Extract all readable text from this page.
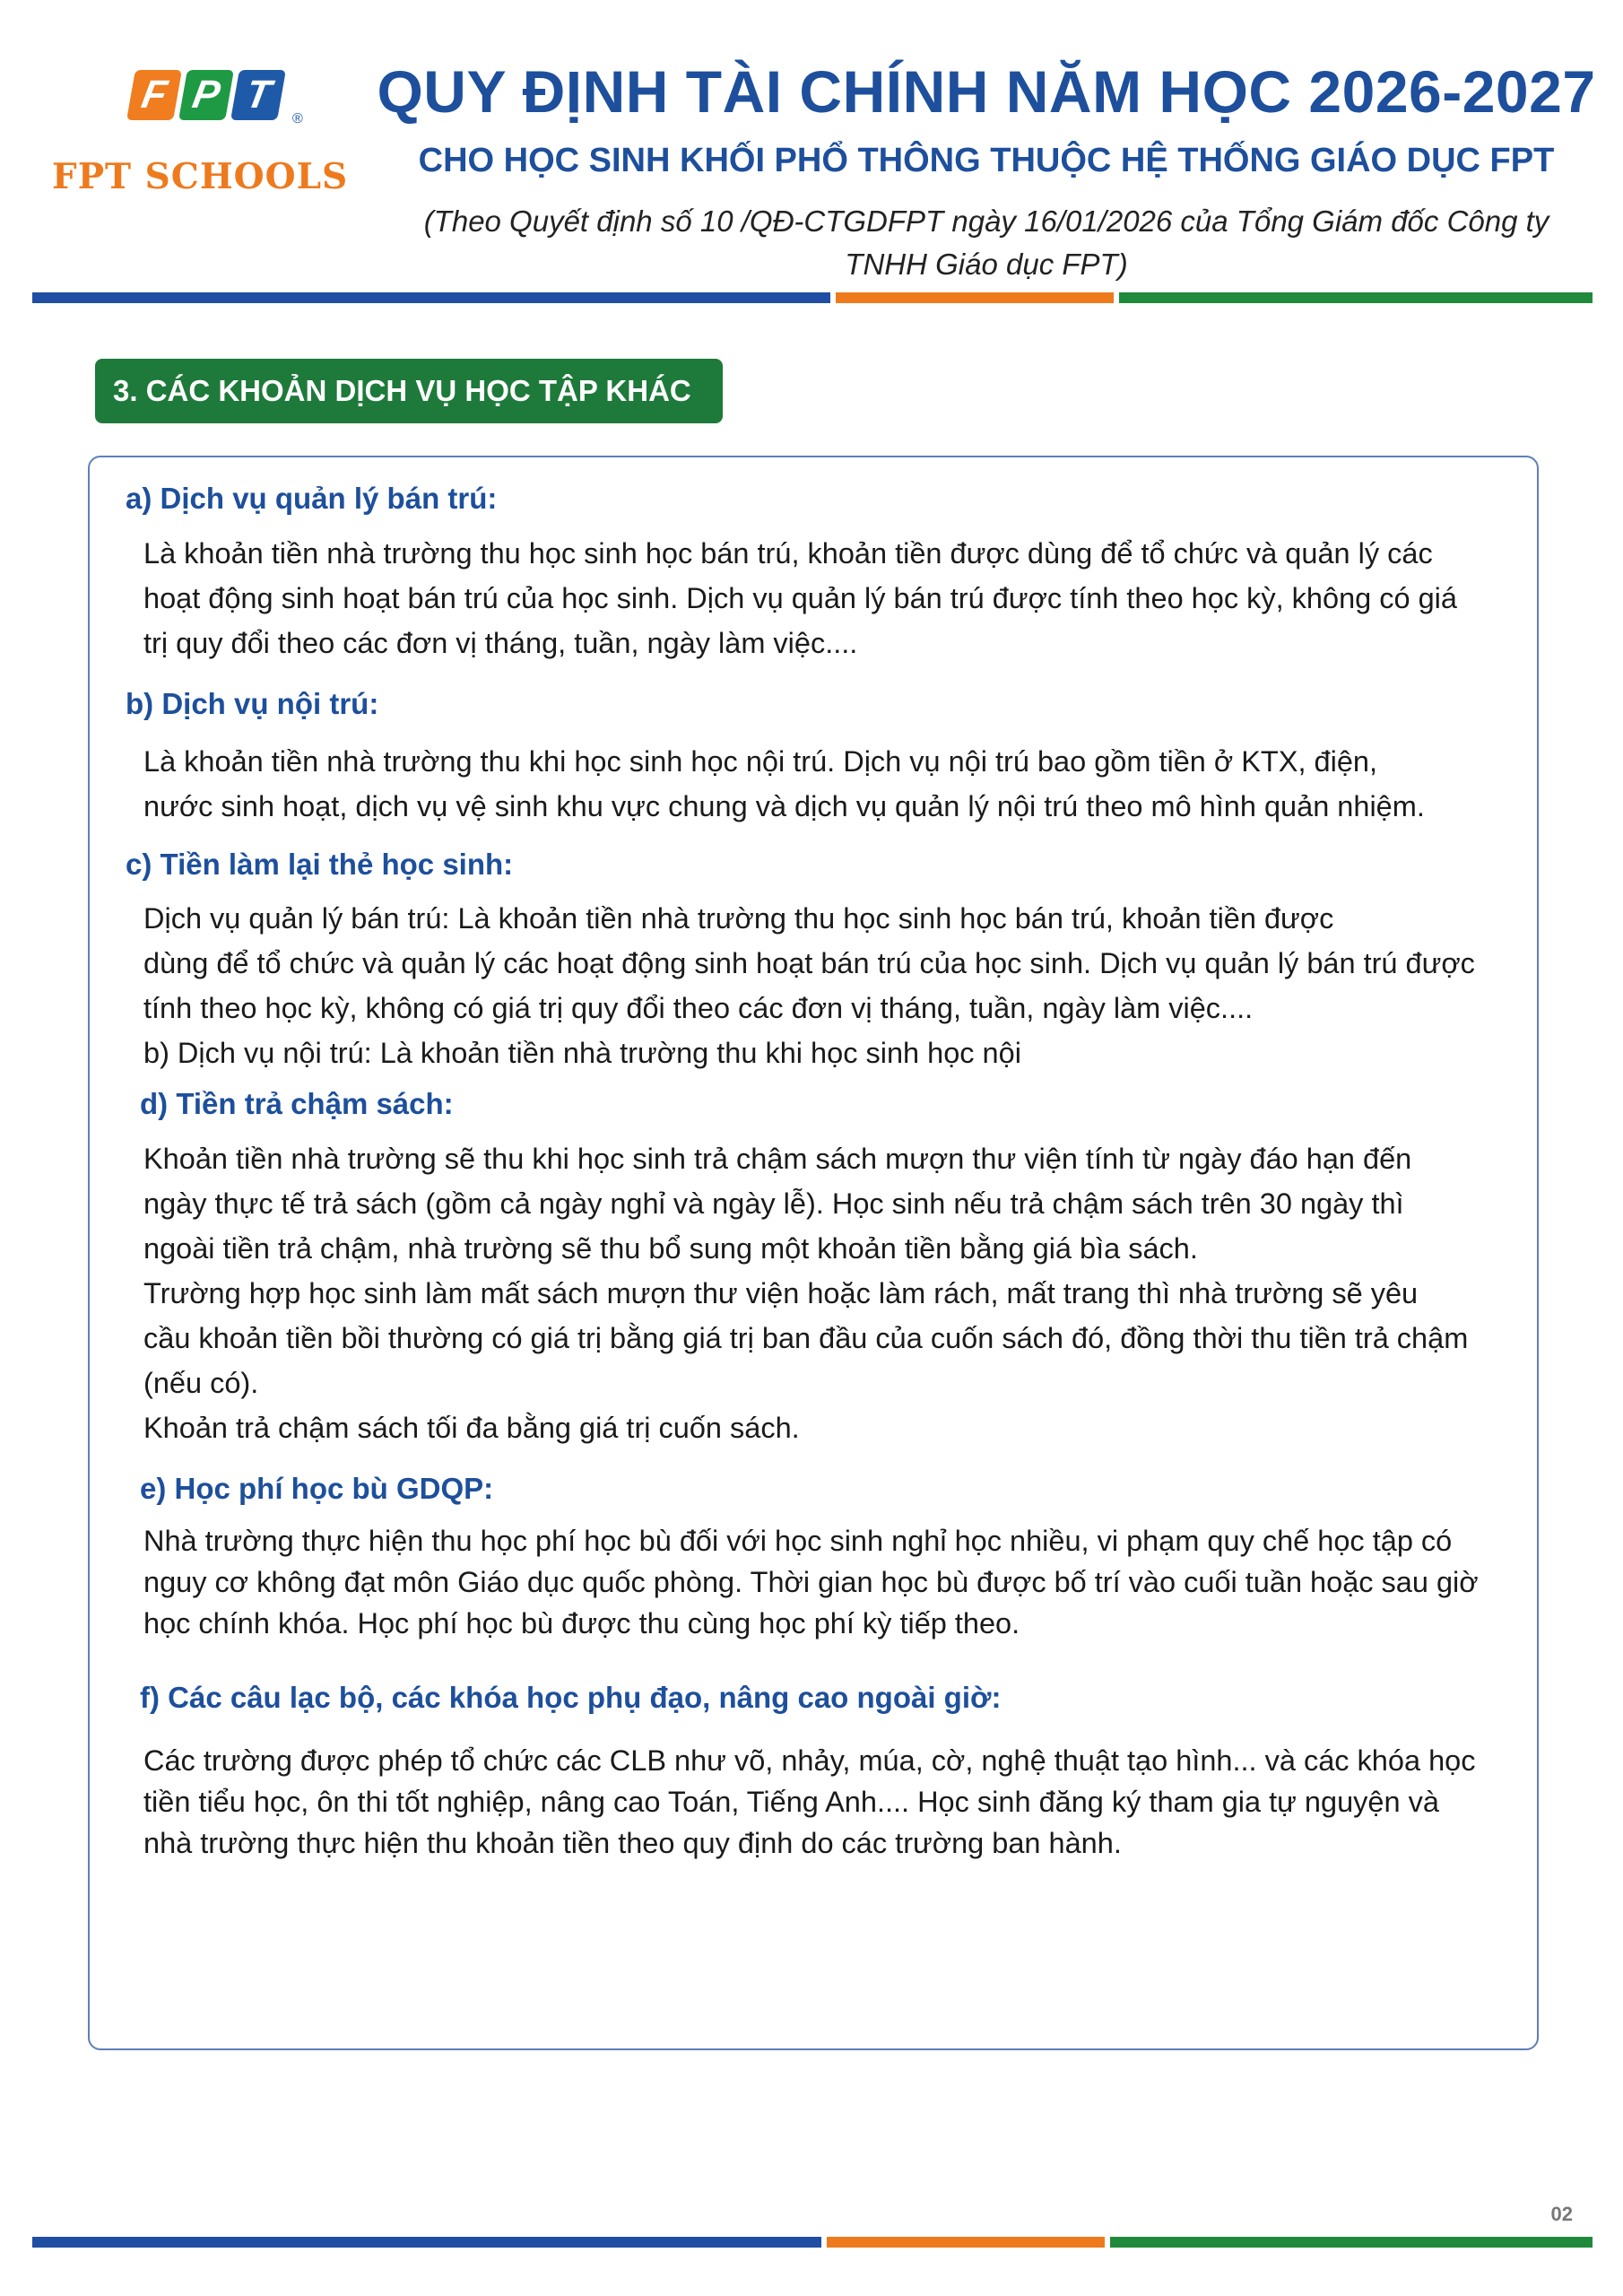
F P T
®
FPT SCHOOLS
QUY ĐỊNH TÀI CHÍNH NĂM HỌC 2026-2027
CHO HỌC SINH KHỐI PHỔ THÔNG THUỘC HỆ THỐNG GIÁO DỤC FPT
(Theo Quyết định số 10 /QĐ-CTGDFPT ngày 16/01/2026 của Tổng Giám đốc Công ty TNHH Giáo dục FPT)
3. CÁC KHOẢN DỊCH VỤ HỌC TẬP KHÁC
a) Dịch vụ quản lý bán trú:
Là khoản tiền nhà trường thu học sinh học bán trú, khoản tiền được dùng để tổ chức và quản lý các
hoạt động sinh hoạt bán trú của học sinh. Dịch vụ quản lý bán trú được tính theo học kỳ, không có giá
trị quy đổi theo các đơn vị tháng, tuần, ngày làm việc....
b) Dịch vụ nội trú:
Là khoản tiền nhà trường thu khi học sinh học nội trú. Dịch vụ nội trú bao gồm tiền ở KTX, điện,
nước sinh hoạt, dịch vụ vệ sinh khu vực chung và dịch vụ quản lý nội trú theo mô hình quản nhiệm.
c) Tiền làm lại thẻ học sinh:
Dịch vụ quản lý bán trú: Là khoản tiền nhà trường thu học sinh học bán trú, khoản tiền được
dùng để tổ chức và quản lý các hoạt động sinh hoạt bán trú của học sinh. Dịch vụ quản lý bán trú được
tính theo học kỳ, không có giá trị quy đổi theo các đơn vị tháng, tuần, ngày làm việc....
b) Dịch vụ nội trú: Là khoản tiền nhà trường thu khi học sinh học nội
d) Tiền trả chậm sách:
Khoản tiền nhà trường sẽ thu khi học sinh trả chậm sách mượn thư viện tính từ ngày đáo hạn đến
ngày thực tế trả sách (gồm cả ngày nghỉ và ngày lễ). Học sinh nếu trả chậm sách trên 30 ngày thì
ngoài tiền trả chậm, nhà trường sẽ thu bổ sung một khoản tiền bằng giá bìa sách.
Trường hợp học sinh làm mất sách mượn thư viện hoặc làm rách, mất trang thì nhà trường sẽ yêu
cầu khoản tiền bồi thường có giá trị bằng giá trị ban đầu của cuốn sách đó, đồng thời thu tiền trả chậm
(nếu có).
Khoản trả chậm sách tối đa bằng giá trị cuốn sách.
e) Học phí học bù GDQP:
Nhà trường thực hiện thu học phí học bù đối với học sinh nghỉ học nhiều, vi phạm quy chế học tập có
nguy cơ không đạt môn Giáo dục quốc phòng. Thời gian học bù được bố trí vào cuối tuần hoặc sau giờ
học chính khóa. Học phí học bù được thu cùng học phí kỳ tiếp theo.
f) Các câu lạc bộ, các khóa học phụ đạo, nâng cao ngoài giờ:
Các trường được phép tổ chức các CLB như võ, nhảy, múa, cờ, nghệ thuật tạo hình... và các khóa học
tiền tiểu học, ôn thi tốt nghiệp, nâng cao Toán, Tiếng Anh.... Học sinh đăng ký tham gia tự nguyện và
nhà trường thực hiện thu khoản tiền theo quy định do các trường ban hành.
02
